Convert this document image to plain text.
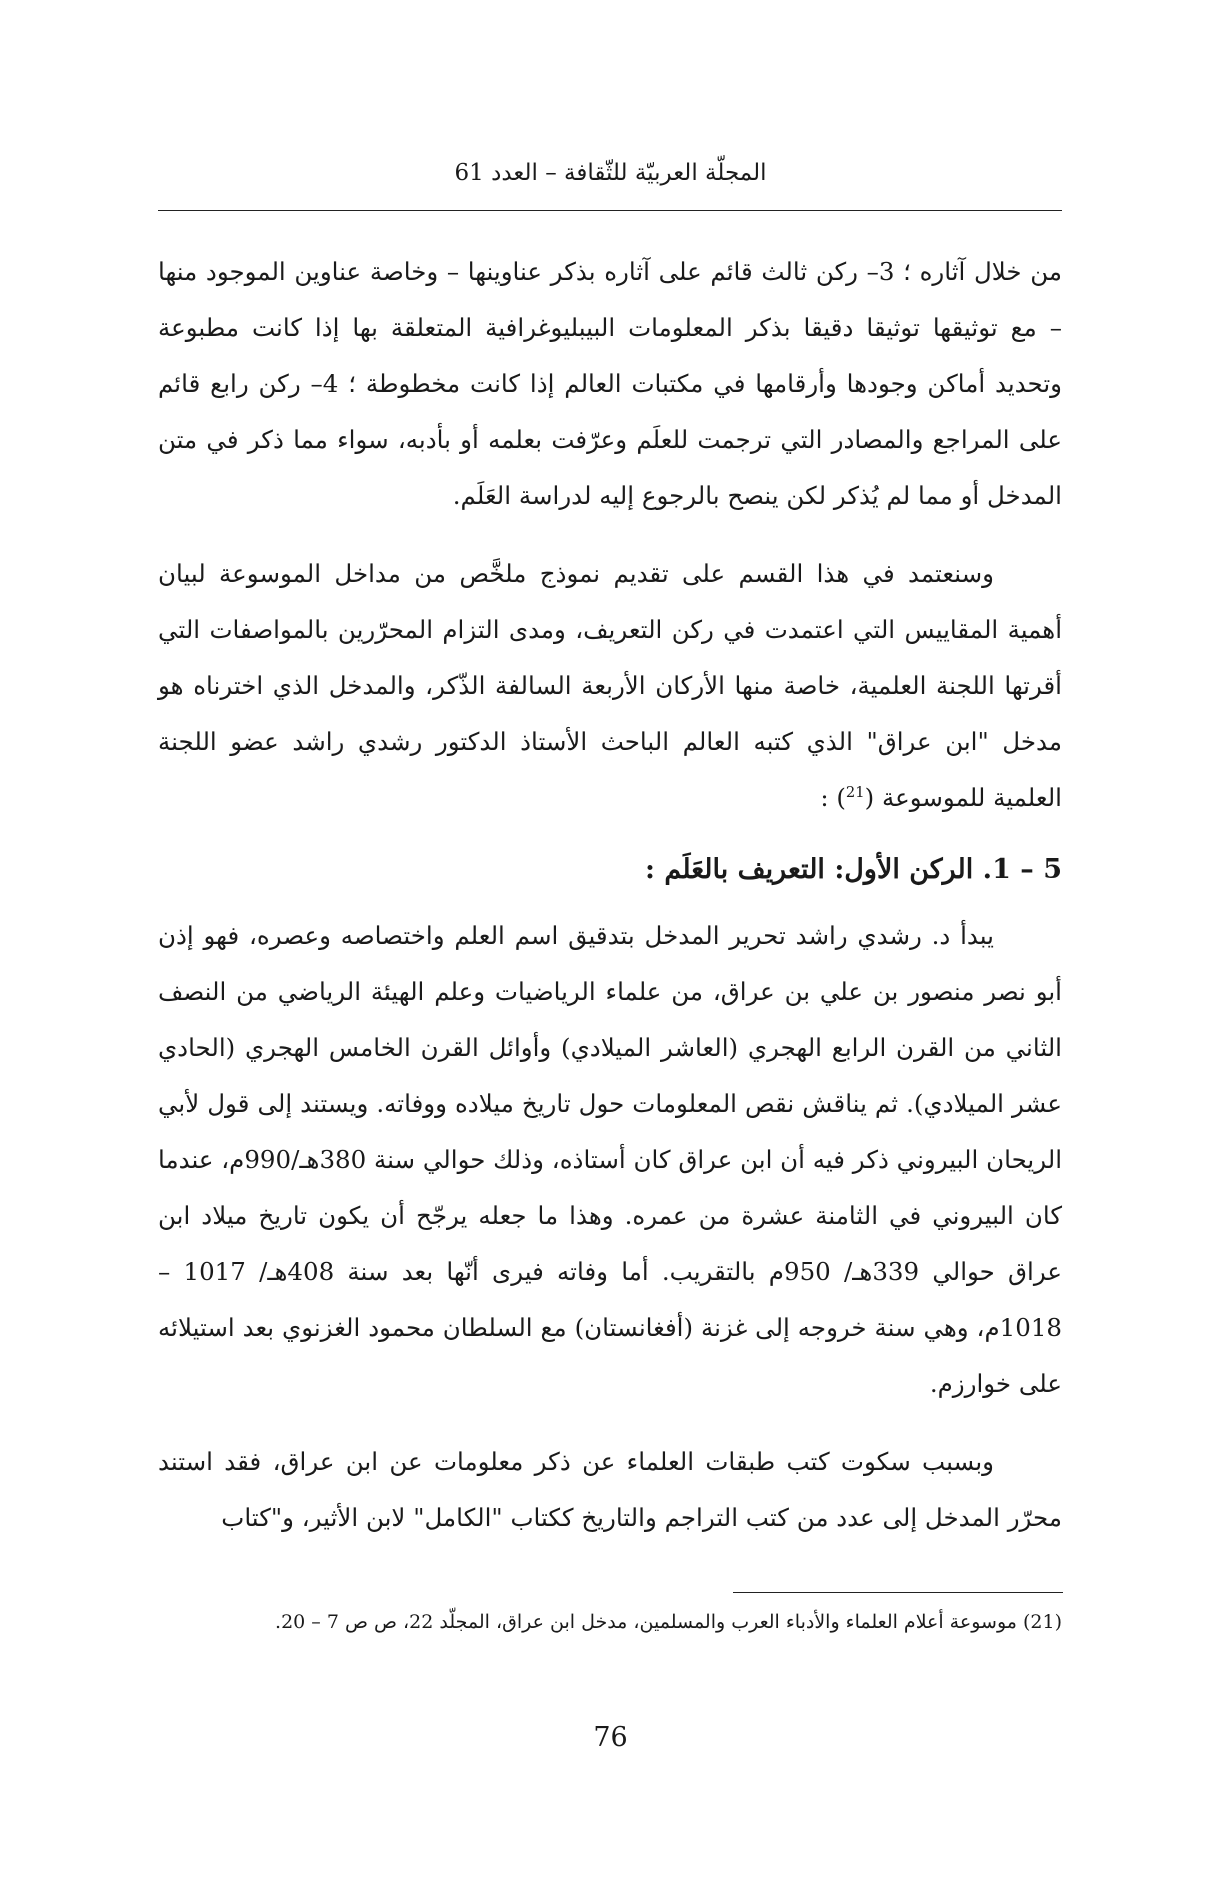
المجلّة العربيّة للثّقافة – العدد 61

من خلال آثاره ؛ 3– ركن ثالث قائم على آثاره بذكر عناوينها – وخاصة عناوين الموجود منها – مع توثيقها توثيقا دقيقا بذكر المعلومات البيبليوغرافية المتعلقة بها إذا كانت مطبوعة وتحديد أماكن وجودها وأرقامها في مكتبات العالم إذا كانت مخطوطة ؛ 4– ركن رابع قائم على المراجع والمصادر التي ترجمت للعلَم وعرّفت بعلمه أو بأدبه، سواء مما ذكر في متن المدخل أو مما لم يُذكر لكن ينصح بالرجوع إليه لدراسة العَلَم.

وسنعتمد في هذا القسم على تقديم نموذج ملخَّص من مداخل الموسوعة لبيان أهمية المقاييس التي اعتمدت في ركن التعريف، ومدى التزام المحرّرين بالمواصفات التي أقرتها اللجنة العلمية، خاصة منها الأركان الأربعة السالفة الذّكر، والمدخل الذي اخترناه هو مدخل "ابن عراق" الذي كتبه العالم الباحث الأستاذ الدكتور رشدي راشد عضو اللجنة العلمية للموسوعة ($^{21}$) :

5 – 1. الركن الأول: التعريف بالعَلَم :

يبدأ د. رشدي راشد تحرير المدخل بتدقيق اسم العلم واختصاصه وعصره، فهو إذن أبو نصر منصور بن علي بن عراق، من علماء الرياضيات وعلم الهيئة الرياضي من النصف الثاني من القرن الرابع الهجري (العاشر الميلادي) وأوائل القرن الخامس الهجري (الحادي عشر الميلادي). ثم يناقش نقص المعلومات حول تاريخ ميلاده ووفاته. ويستند إلى قول لأبي الريحان البيروني ذكر فيه أن ابن عراق كان أستاذه، وذلك حوالي سنة 380هـ/990م، عندما كان البيروني في الثامنة عشرة من عمره. وهذا ما جعله يرجّح أن يكون تاريخ ميلاد ابن عراق حوالي 339هـ/ 950م بالتقريب. أما وفاته فيرى أنّها بعد سنة 408هـ/ 1017 – 1018م، وهي سنة خروجه إلى غزنة (أفغانستان) مع السلطان محمود الغزنوي بعد استيلائه على خوارزم.

وبسبب سكوت كتب طبقات العلماء عن ذكر معلومات عن ابن عراق، فقد استند محرّر المدخل إلى عدد من كتب التراجم والتاريخ ككتاب "الكامل" لابن الأثير، و"كتاب

(21) موسوعة أعلام العلماء والأدباء العرب والمسلمين، مدخل ابن عراق، المجلّد 22، ص ص 7 – 20.
76
